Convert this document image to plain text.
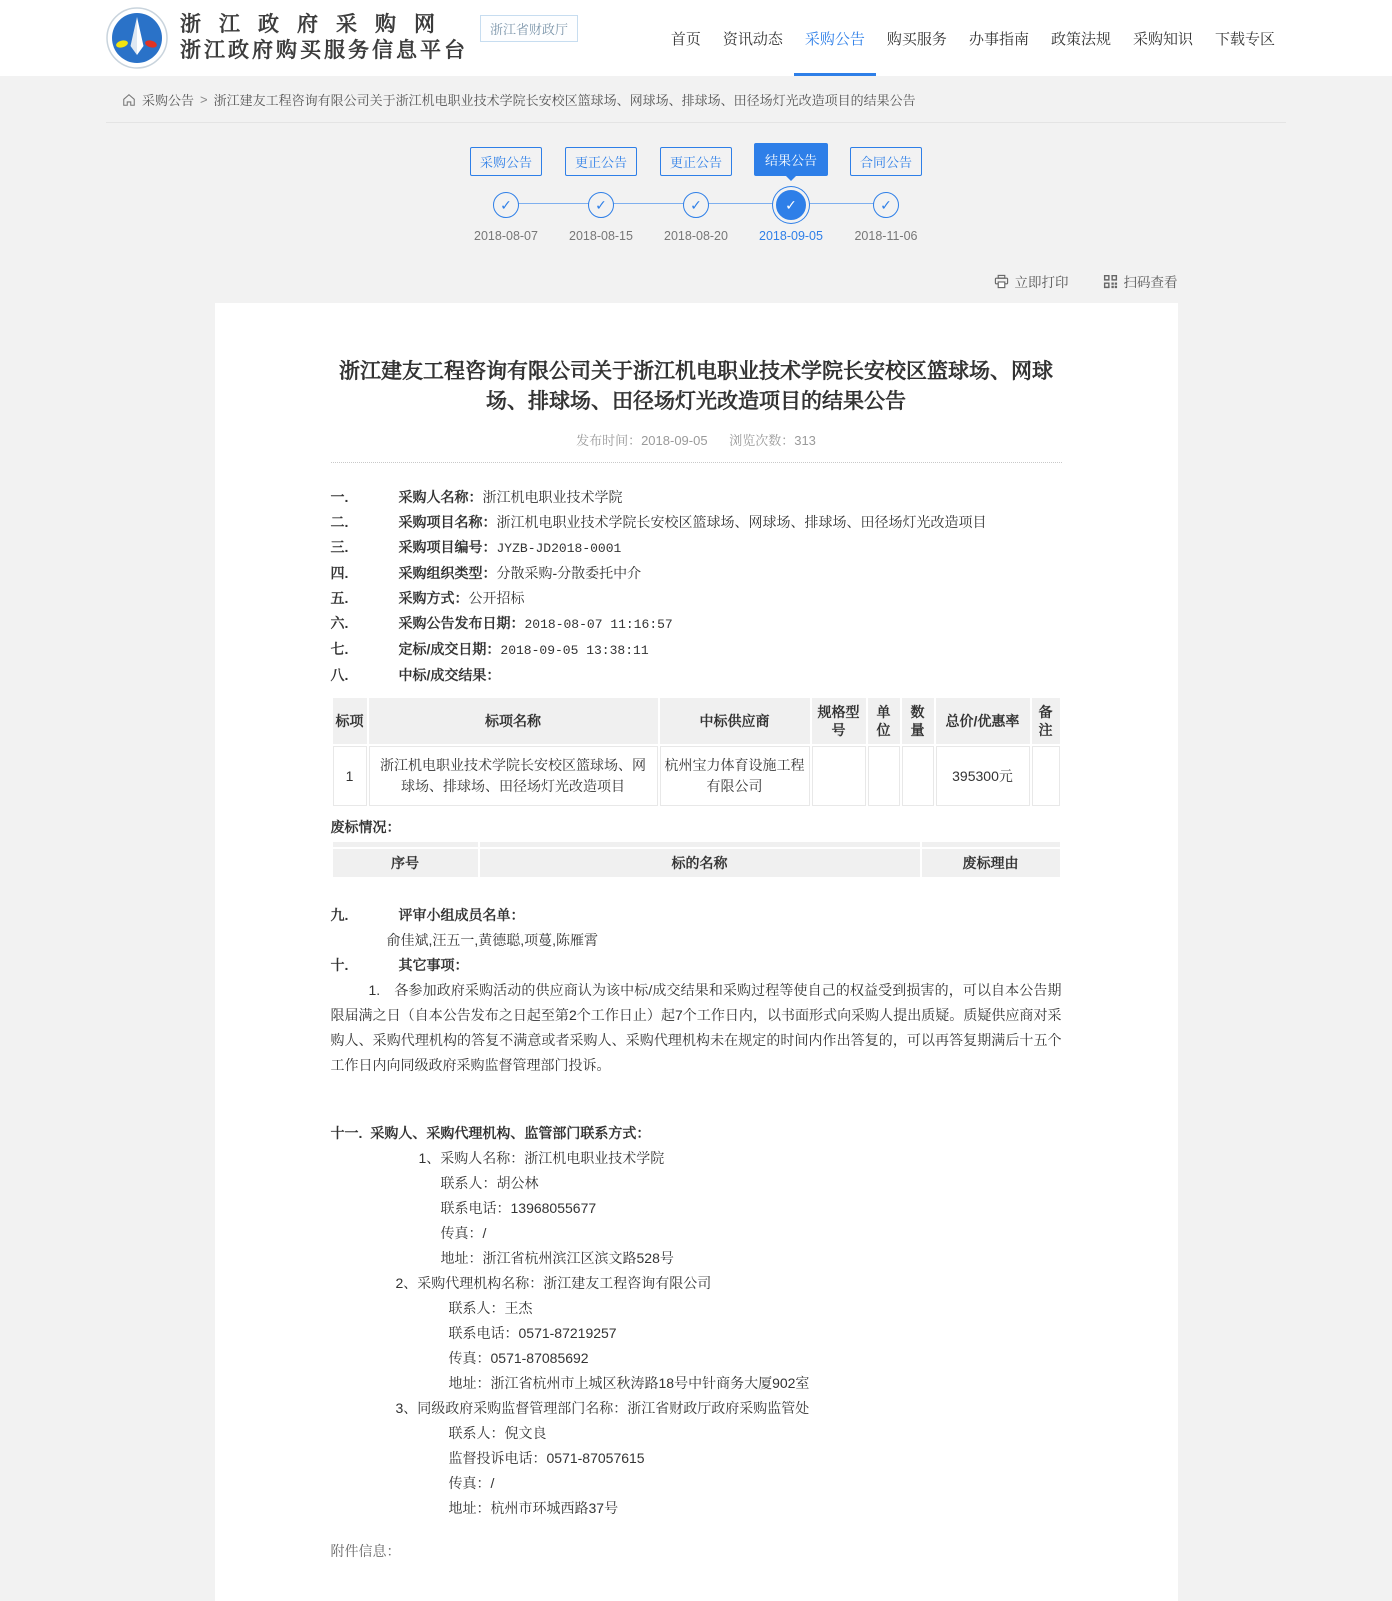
浙江政府采购网
浙江政府购买服务信息平台
浙江省财政厅
首页	资讯动态	采购公告	购买服务	办事指南	政策法规	采购知识	下载专区
采购公告 > 浙江建友工程咨询有限公司关于浙江机电职业技术学院长安校区篮球场、网球场、排球场、田径场灯光改造项目的结果公告
采购公告	更正公告	更正公告	结果公告	合同公告
✓	✓	✓	✓	✓
2018-08-07	2018-08-15	2018-08-20	2018-09-05	2018-11-06
立即打印	扫码查看
浙江建友工程咨询有限公司关于浙江机电职业技术学院长安校区篮球场、网球场、排球场、田径场灯光改造项目的结果公告
发布时间：2018-09-05 浏览次数：313
一.	采购人名称：浙江机电职业技术学院
二.	采购项目名称：浙江机电职业技术学院长安校区篮球场、网球场、排球场、田径场灯光改造项目
三.	采购项目编号：JYZB-JD2018-0001
四.	采购组织类型：分散采购-分散委托中介
五.	采购方式：公开招标
六.	采购公告发布日期：2018-08-07 11:16:57
七.	定标/成交日期：2018-09-05 13:38:11
八.	中标/成交结果：
标项	标项名称	中标供应商	规格型号	单位	数量	总价/优惠率	备注
1	浙江机电职业技术学院长安校区篮球场、网球场、排球场、田径场灯光改造项目	杭州宝力体育设施工程有限公司				395300元	
废标情况：

序号	标的名称	废标理由
九.	评审小组成员名单：
俞佳斌,汪五一,黄德聪,项蔓,陈雁霄
十.	其它事项：

1.　各参加政府采购活动的供应商认为该中标/成交结果和采购过程等使自己的权益受到损害的，可以自本公告期限届满之日（自本公告发布之日起至第2个工作日止）起7个工作日内，以书面形式向采购人提出质疑。质疑供应商对采购人、采购代理机构的答复不满意或者采购人、采购代理机构未在规定的时间内作出答复的，可以再答复期满后十五个工作日内向同级政府采购监督管理部门投诉。

十一. 采购人、采购代理机构、监管部门联系方式：
1、采购人名称：浙江机电职业技术学院
联系人：胡公林
联系电话：13968055677
传真：/
地址：浙江省杭州滨江区滨文路528号
2、采购代理机构名称：浙江建友工程咨询有限公司
联系人：王杰
联系电话：0571-87219257
传真：0571-87085692
地址：浙江省杭州市上城区秋涛路18号中针商务大厦902室
3、同级政府采购监督管理部门名称：浙江省财政厅政府采购监管处
联系人：倪文良
监督投诉电话：0571-87057615
传真：/
地址：杭州市环城西路37号
附件信息：
